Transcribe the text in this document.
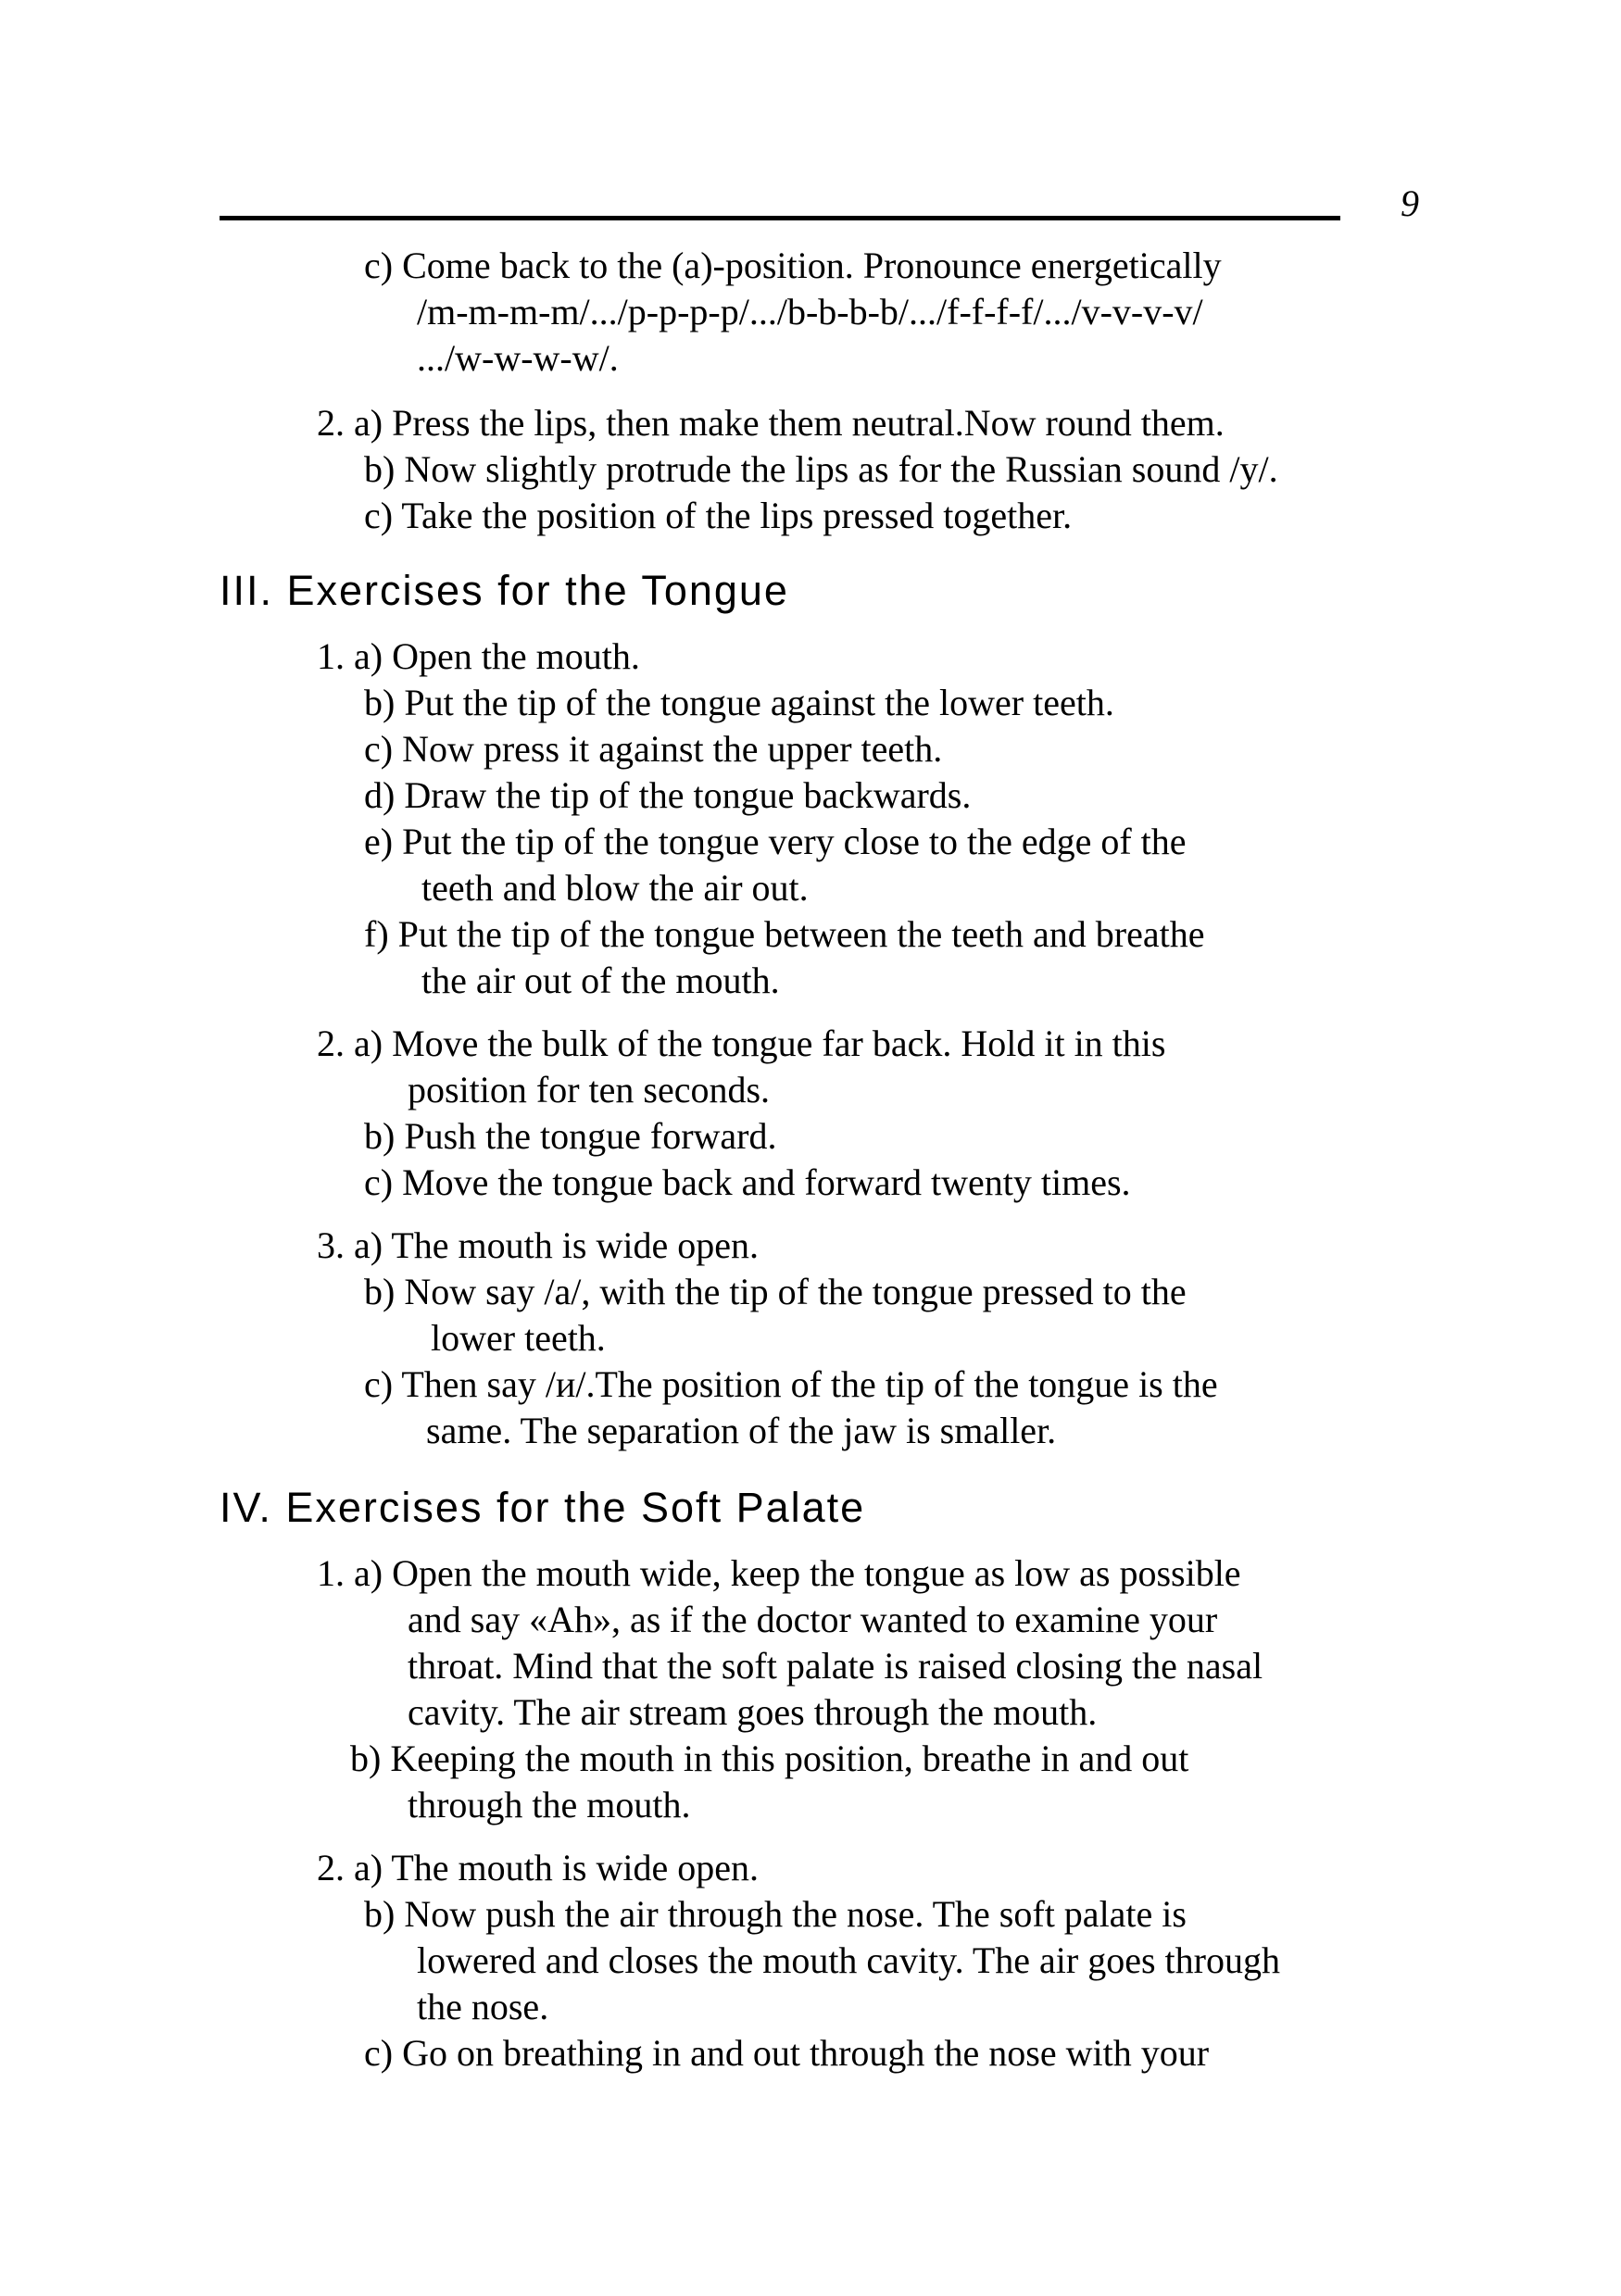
9
c) Come back to the (a)-position. Pronounce energetically
/m-m-m-m/.../p-p-p-p/.../b-b-b-b/.../f-f-f-f/.../v-v-v-v/
.../w-w-w-w/.
2. a) Press the lips, then make them neutral.Now round them.
b) Now slightly protrude the lips as for the Russian sound /y/.
c) Take the position of the lips pressed together.
III. Exercises for the Tongue
1. a) Open the mouth.
b) Put the tip of the tongue against the lower teeth.
c) Now press it against the upper teeth.
d) Draw the tip of the tongue backwards.
e) Put the tip of the tongue very close to the edge of the
teeth and blow the air out.
f) Put the tip of the tongue between the teeth and breathe
the air out of the mouth.
2. a) Move the bulk of the tongue far back. Hold it in this
position for ten seconds.
b) Push the tongue forward.
c) Move the tongue back and forward twenty times.
3. a) The mouth is wide open.
b) Now say /a/, with the tip of the tongue pressed to the
lower teeth.
c) Then say /и/.The position of the tip of the tongue is the
same. The separation of the jaw is smaller.
IV. Exercises for the Soft Palate
1. a) Open the mouth wide, keep the tongue as low as possible
and say «Ah», as if the doctor wanted to examine your
throat. Mind that the soft palate is raised closing the nasal
cavity. The air stream goes through the mouth.
b) Keeping the mouth in this position, breathe in and out
through the mouth.
2. a) The mouth is wide open.
b) Now push the air through the nose. The soft palate is
lowered and closes the mouth cavity. The air goes through
the nose.
c) Go on breathing in and out through the nose with your
